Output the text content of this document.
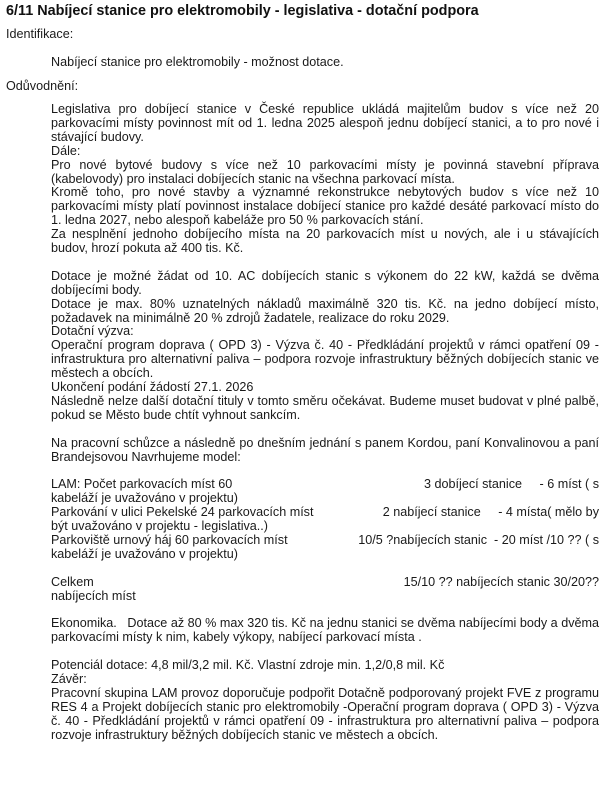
6/11 Nabíjecí stanice pro elektromobily - legislativa - dotační podpora
Identifikace:
Nabíjecí stanice pro elektromobily - možnost dotace.
Odůvodnění:

Legislativa pro dobíjecí stanice v České republice ukládá majitelům budov s více než 20 parkovacími místy povinnost mít od 1. ledna 2025 alespoň jednu dobíjecí stanici, a to pro nové i stávající budovy.

Dále:

Pro nové bytové budovy s více než 10 parkovacími místy je povinná stavební příprava (kabelovody) pro instalaci dobíjecích stanic na všechna parkovací místa.

Kromě toho, pro nové stavby a významné rekonstrukce nebytových budov s více než 10 parkovacími místy platí povinnost instalace dobíjecí stanice pro každé desáté parkovací místo do 1. ledna 2027, nebo alespoň kabeláže pro 50 % parkovacích stání.

Za nesplnění jednoho dobíjecího místa na 20 parkovacích míst u nových, ale i u stávajících budov, hrozí pokuta až 400 tis. Kč.

Dotace je možné žádat od 10. AC dobíjecích stanic s výkonem do 22 kW, každá se dvěma dobíjecími body.

Dotace je max. 80% uznatelných nákladů maximálně 320 tis. Kč. na jedno dobíjecí místo, požadavek na minimálně 20 % zdrojů žadatele, realizace do roku 2029.

Dotační výzva:

Operační program doprava ( OPD 3) - Výzva č. 40 - Předkládání projektů v rámci opatření 09 - infrastruktura pro alternativní paliva – podpora rozvoje infrastruktury běžných dobíjecích stanic ve městech a obcích.

Ukončení podání žádostí 27.1. 2026

Následně nelze další dotační tituly v tomto směru očekávat. Budeme muset budovat v plné palbě, pokud se Město bude chtít vyhnout sankcím.

Na pracovní schůzce a následně po dnešním jednání s panem Kordou, paní Konvalinovou a paní Brandejsovou Navrhujeme model:

LAM: Počet parkovacích míst 60	3 dobíjecí stanice     - 6 míst ( s
kabeláží je uvažováno v projektu)
Parkování v ulici Pekelské 24 parkovacích míst	2 nabíjecí stanice     - 4 místa( mělo by
být uvažováno v projektu - legislativa..)
Parkoviště urnový háj 60 parkovacích míst	10/5 ?nabíjecích stanic  - 20 míst /10 ?? ( s
kabeláží je uvažováno v projektu)
Celkem	15/10 ?? nabíjecích stanic 30/20??
nabíjecích míst

Ekonomika.   Dotace až 80 % max 320 tis. Kč na jednu stanici se dvěma nabíjecími body a dvěma parkovacími místy k nim, kabely výkopy, nabíjecí parkovací místa .

Potenciál dotace: 4,8 mil/3,2 mil. Kč. Vlastní zdroje min. 1,2/0,8 mil. Kč

Závěr:

Pracovní skupina LAM provoz doporučuje podpořit Dotačně podporovaný projekt FVE z programu RES 4 a Projekt dobíjecích stanic pro elektromobily -Operační program doprava ( OPD 3) - Výzva č. 40 - Předkládání projektů v rámci opatření 09 - infrastruktura pro alternativní paliva – podpora rozvoje infrastruktury běžných dobíjecích stanic ve městech a obcích.
